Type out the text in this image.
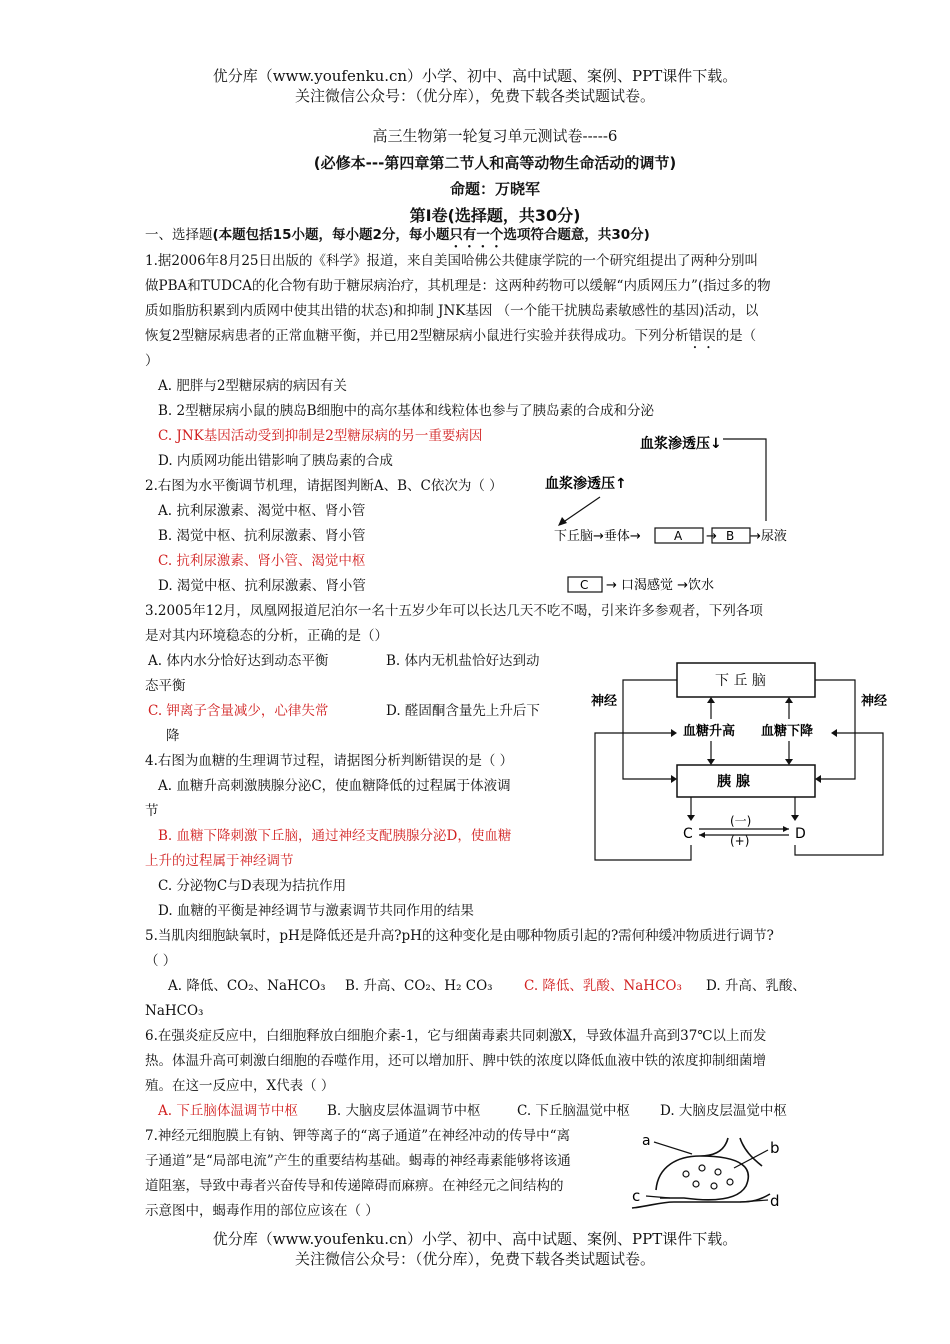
优分库（www.youfenku.cn）小学、初中、高中试题、案例、PPT课件下载。
关注微信公众号：（优分库），免费下载各类试题试卷。
高三生物第一轮复习单元测试卷-----6
(必修本---第四章第二节人和高等动物生命活动的调节)
命题：万晓军
第Ⅰ卷(选择题，共30分)
一、选择题(本题包括15小题，每小题2分，每小题只有一个选项符合题意，共30分)
1.据2006年8月25日出版的《科学》报道，来自美国哈佛公共健康学院的一个研究组提出了两种分别叫
做PBA和TUDCA的化合物有助于糖尿病治疗，其机理是：这两种药物可以缓解“内质网压力”(指过多的物
质如脂肪积累到内质网中使其出错的状态)和抑制 JNK基因 （一个能干扰胰岛素敏感性的基因)活动，以
恢复2型糖尿病患者的正常血糖平衡，并已用2型糖尿病小鼠进行实验并获得成功。下列分析错误的是（
）
A. 肥胖与2型糖尿病的病因有关
B. 2型糖尿病小鼠的胰岛B细胞中的高尔基体和线粒体也参与了胰岛素的合成和分泌
C. JNK基因活动受到抑制是2型糖尿病的另一重要病因
D. 内质网功能出错影响了胰岛素的合成
2.右图为水平衡调节机理，请据图判断A、B、C依次为（ ）
A. 抗利尿激素、渴觉中枢、肾小管
B. 渴觉中枢、抗利尿激素、肾小管
C. 抗利尿激素、肾小管、渴觉中枢
D. 渴觉中枢、抗利尿激素、肾小管
血浆渗透压↓
血浆渗透压↑
下丘脑→垂体→	A → B →尿液
C → 口渴感觉 →饮水
3.2005年12月，凤凰网报道尼泊尔一名十五岁少年可以长达几天不吃不喝，引来许多参观者，下列各项
是对其内环境稳态的分析，正确的是（）
A. 体内水分恰好达到动态平衡	B. 体内无机盐恰好达到动
态平衡
C. 钾离子含量减少，心律失常	D. 醛固酮含量先上升后下
降
4.右图为血糖的生理调节过程，请据图分析判断错误的是（ ）
A. 血糖升高刺激胰腺分泌C，使血糖降低的过程属于体液调
节
B. 血糖下降刺激下丘脑，通过神经支配胰腺分泌D，使血糖
上升的过程属于神经调节
C. 分泌物C与D表现为拮抗作用
D. 血糖的平衡是神经调节与激素调节共同作用的结果
下 丘 脑
胰 腺
神经	神经
血糖升高 血糖下降
C	D
(一)
(+)
5.当肌肉细胞缺氧时，pH是降低还是升高?pH的这种变化是由哪种物质引起的?需何种缓冲物质进行调节?
（ ）
A. 降低、CO₂、NaHCO₃ B. 升高、CO₂、H₂ CO₃ C. 降低、乳酸、NaHCO₃ D. 升高、乳酸、
NaHCO₃
6.在强炎症反应中，白细胞释放白细胞介素-1，它与细菌毒素共同刺激X，导致体温升高到37℃以上而发
热。体温升高可刺激白细胞的吞噬作用，还可以增加肝、脾中铁的浓度以降低血液中铁的浓度抑制细菌增
殖。在这一反应中，X代表（ ）
A. 下丘脑体温调节中枢 B. 大脑皮层体温调节中枢	C. 下丘脑温觉中枢 D. 大脑皮层温觉中枢
7.神经元细胞膜上有钠、钾等离子的“离子通道”在神经冲动的传导中“离
子通道”是“局部电流”产生的重要结构基础。蝎毒的神经毒素能够将该通
道阻塞，导致中毒者兴奋传导和传递障碍而麻痹。在神经元之间结构的
示意图中，蝎毒作用的部位应该在（ ）
a	b
c	d
优分库（www.youfenku.cn）小学、初中、高中试题、案例、PPT课件下载。
关注微信公众号：（优分库），免费下载各类试题试卷。
